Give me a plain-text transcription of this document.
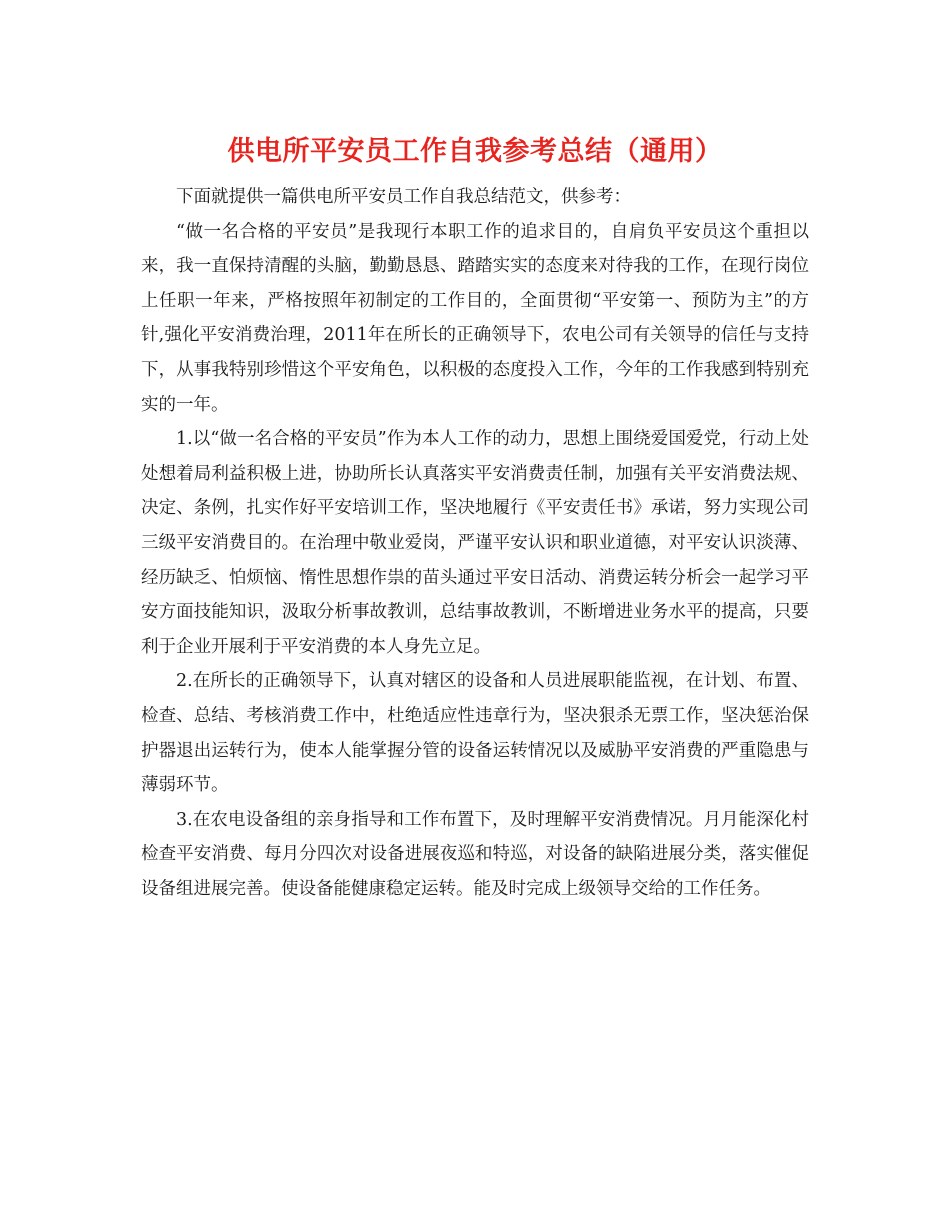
供电所平安员工作自我参考总结（通用）

下面就提供一篇供电所平安员工作自我总结范文，供参考：

“做一名合格的平安员”是我现行本职工作的追求目的，自肩负平安员这个重担以来，我一直保持清醒的头脑，勤勤恳恳、踏踏实实的态度来对待我的工作，在现行岗位上任职一年来，严格按照年初制定的工作目的，全面贯彻“平安第一、预防为主”的方针,强化平安消费治理，2011年在所长的正确领导下，农电公司有关领导的信任与支持下，从事我特别珍惜这个平安角色，以积极的态度投入工作，今年的工作我感到特别充实的一年。

1.以“做一名合格的平安员”作为本人工作的动力，思想上围绕爱国爱党，行动上处处想着局利益积极上进，协助所长认真落实平安消费责任制，加强有关平安消费法规、决定、条例，扎实作好平安培训工作，坚决地履行《平安责任书》承诺，努力实现公司三级平安消费目的。在治理中敬业爱岗，严谨平安认识和职业道德，对平安认识淡薄、经历缺乏、怕烦恼、惰性思想作祟的苗头通过平安日活动、消费运转分析会一起学习平安方面技能知识，汲取分析事故教训，总结事故教训，不断增进业务水平的提高，只要利于企业开展利于平安消费的本人身先立足。

2.在所长的正确领导下，认真对辖区的设备和人员进展职能监视，在计划、布置、检查、总结、考核消费工作中，杜绝适应性违章行为，坚决狠杀无票工作，坚决惩治保护器退出运转行为，使本人能掌握分管的设备运转情况以及威胁平安消费的严重隐患与薄弱环节。

3.在农电设备组的亲身指导和工作布置下，及时理解平安消费情况。月月能深化村检查平安消费、每月分四次对设备进展夜巡和特巡，对设备的缺陷进展分类，落实催促设备组进展完善。使设备能健康稳定运转。能及时完成上级领导交给的工作任务。
